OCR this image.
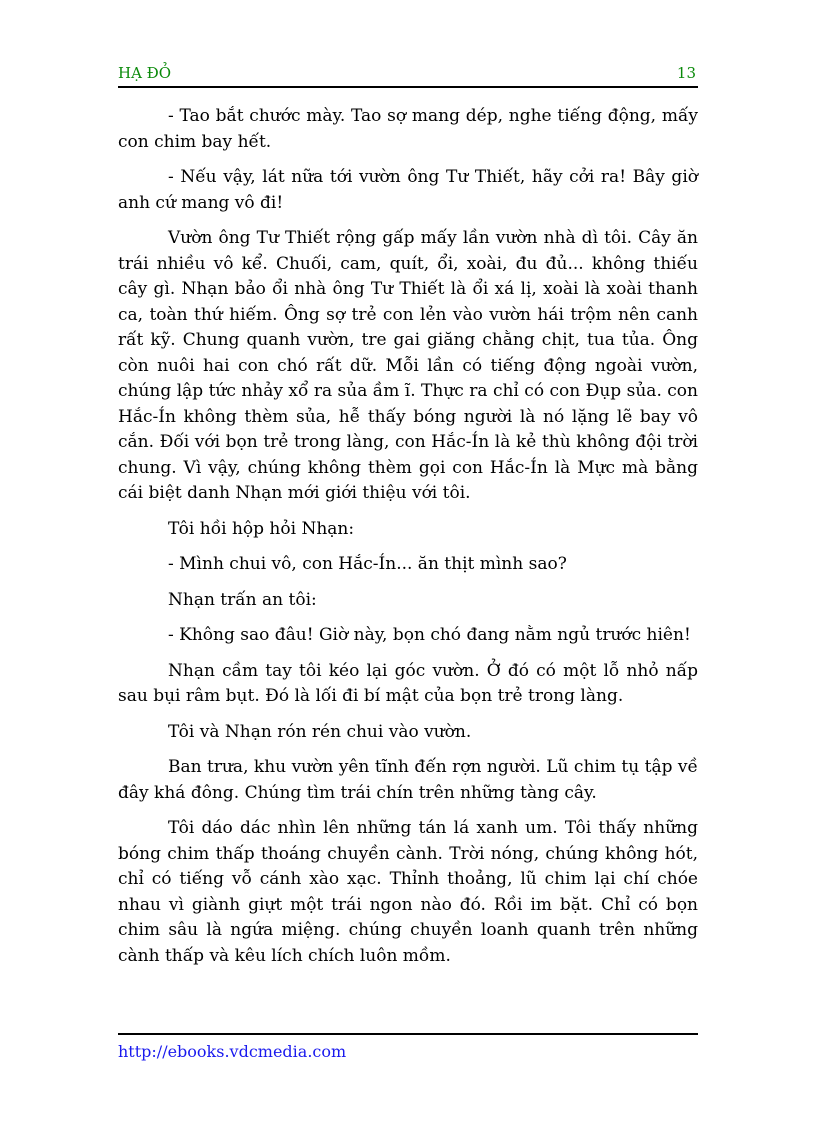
HẠ ĐỎ	13

- Tao bắt chước mày. Tao sợ mang dép, nghe tiếng động, mấy con chim bay hết.

- Nếu vậy, lát nữa tới vườn ông Tư Thiết, hãy cởi ra! Bây giờ anh cứ mang vô đi!

Vườn ông Tư Thiết rộng gấp mấy lần vườn nhà dì tôi. Cây ăn trái nhiều vô kể. Chuối, cam, quít, ổi, xoài, đu đủ... không thiếu cây gì. Nhạn bảo ổi nhà ông Tư Thiết là ổi xá lị, xoài là xoài thanh ca, toàn thứ hiếm. Ông sợ trẻ con lẻn vào vườn hái trộm nên canh rất kỹ. Chung quanh vườn, tre gai giăng chằng chịt, tua tủa. Ông còn nuôi hai con chó rất dữ. Mỗi lần có tiếng động ngoài vườn, chúng lập tức nhảy xổ ra sủa ầm ĩ. Thực ra chỉ có con Đụp sủa. con Hắc-Ín không thèm sủa, hễ thấy bóng người là nó lặng lẽ bay vô cắn. Đối với bọn trẻ trong làng, con Hắc-Ín là kẻ thù không đội trời chung. Vì vậy, chúng không thèm gọi con Hắc-Ín là Mực mà bằng cái biệt danh Nhạn mới giới thiệu với tôi.

Tôi hồi hộp hỏi Nhạn:

- Mình chui vô, con Hắc-Ín... ăn thịt mình sao?

Nhạn trấn an tôi:

- Không sao đâu! Giờ này, bọn chó đang nằm ngủ trước hiên!

Nhạn cầm tay tôi kéo lại góc vườn. Ở đó có một lỗ nhỏ nấp sau bụi râm bụt. Đó là lối đi bí mật của bọn trẻ trong làng.

Tôi và Nhạn rón rén chui vào vườn.

Ban trưa, khu vườn yên tĩnh đến rợn người. Lũ chim tụ tập về đây khá đông. Chúng tìm trái chín trên những tàng cây.

Tôi dáo dác nhìn lên những tán lá xanh um. Tôi thấy những bóng chim thấp thoáng chuyền cành. Trời nóng, chúng không hót, chỉ có tiếng vỗ cánh xào xạc. Thỉnh thoảng, lũ chim lại chí chóe nhau vì giành giựt một trái ngon nào đó. Rồi im bặt. Chỉ có bọn chim sâu là ngứa miệng. chúng chuyền loanh quanh trên những cành thấp và kêu lích chích luôn mồm.

http://ebooks.vdcmedia.com
